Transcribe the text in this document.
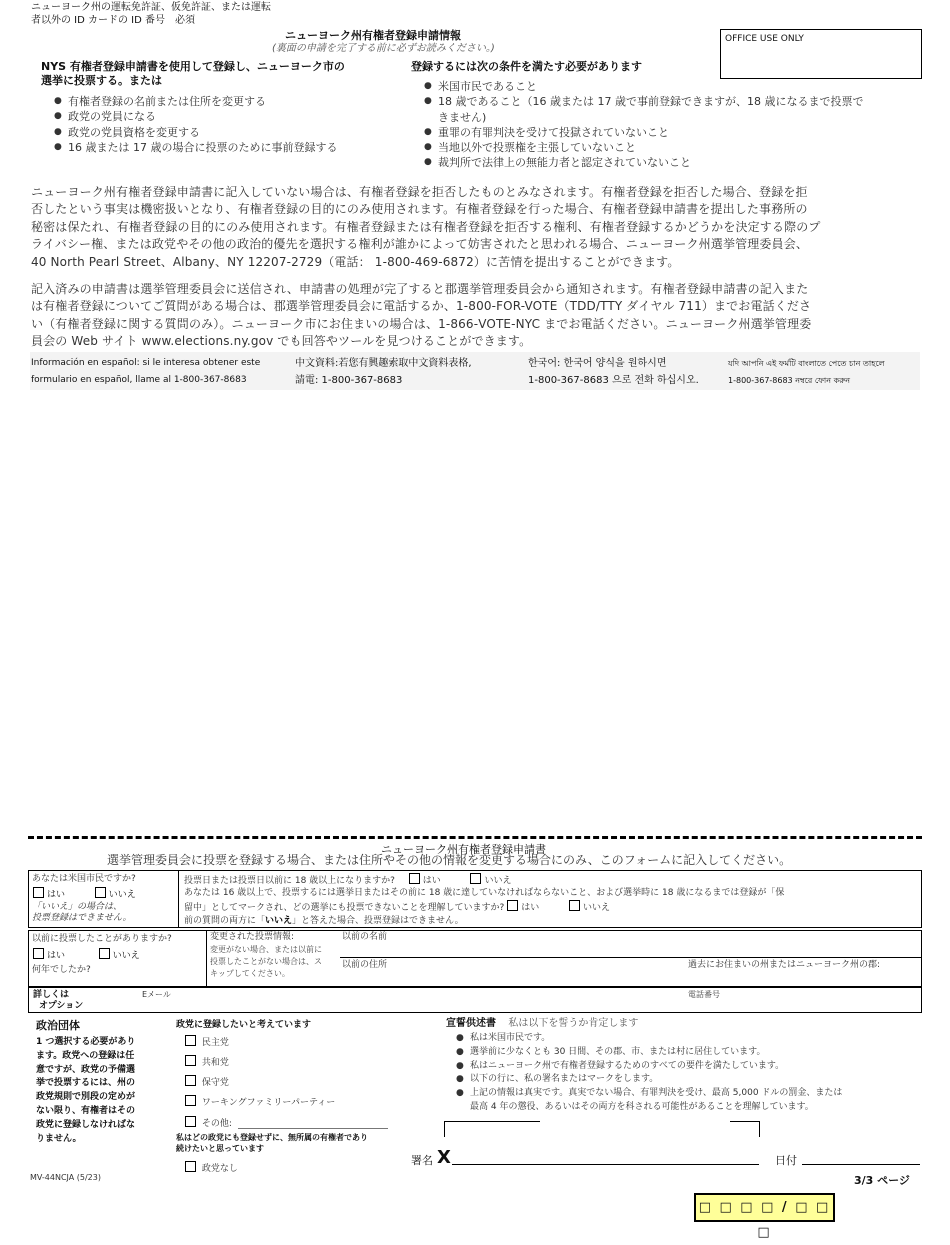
ニューヨーク州の運転免許証、仮免許証、または運転
者以外の ID カードの ID 番号　必須
OFFICE USE ONLY
ニューヨーク州有権者登録申請情報
(裏面の申請を完了する前に必ずお読みください。)
NYS 有権者登録申請書を使用して登録し、ニューヨーク市の
選挙に投票する。または
● 有権者登録の名前または住所を変更する
● 政党の党員になる
● 政党の党員資格を変更する
● 16 歳または 17 歳の場合に投票のために事前登録する
登録するには次の条件を満たす必要があります
● 米国市民であること
● 18 歳であること（16 歳または 17 歳で事前登録できますが、18 歳になるまで投票で
きません)
● 重罪の有罪判決を受けて投獄されていないこと
● 当地以外で投票権を主張していないこと
● 裁判所で法律上の無能力者と認定されていないこと
ニューヨーク州有権者登録申請書に記入していない場合は、有権者登録を拒否したものとみなされます。有権者登録を拒否した場合、登録を拒
否したという事実は機密扱いとなり、有権者登録の目的にのみ使用されます。有権者登録を行った場合、有権者登録申請書を提出した事務所の
秘密は保たれ、有権者登録の目的にのみ使用されます。有権者登録または有権者登録を拒否する権利、有権者登録するかどうかを決定する際のプ
ライバシー権、または政党やその他の政治的優先を選択する権利が誰かによって妨害されたと思われる場合、ニューヨーク州選挙管理委員会、
40 North Pearl Street、Albany、NY 12207-2729（電話： 1-800-469-6872）に苦情を提出することができます。
記入済みの申請書は選挙管理委員会に送信され、申請書の処理が完了すると郡選挙管理委員会から通知されます。有権者登録申請書の記入また
は有権者登録についてご質問がある場合は、郡選挙管理委員会に電話するか、1-800-FOR-VOTE（TDD/TTY ダイヤル 711）までお電話くださ
い（有権者登録に関する質問のみ）。ニューヨーク市にお住まいの場合は、1-866-VOTE-NYC までお電話ください。ニューヨーク州選挙管理委
員会の Web サイト www.elections.ny.gov でも回答やツールを見つけることができます。
Información en español: si le interesa obtener este
formulario en español, llame al 1-800-367-8683
中文資料:若您有興趣索取中文資料表格,
請電: 1-800-367-8683
한국어: 한국어 양식을 원하시면
1-800-367-8683 으로 전화 하십시오.
যদি আপনি এই ফর্মটি বাংলাতে পেতে চান তাহলে
1-800-367-8683 নম্বরে ফোন করুন
ニューヨーク州有権者登録申請書
選挙管理委員会に投票を登録する場合、または住所やその他の情報を変更する場合にのみ、このフォームに記入してください。
あなたは米国市民ですか?
はい	いいえ
「いいえ」の場合は、
投票登録はできません。
投票日または投票日以前に 18 歳以上になりますか?	はい	いいえ
あなたは 16 歳以上で、投票するには選挙日またはその前に 18 歳に達していなければならないこと、および選挙時に 18 歳になるまでは登録が「保
留中」としてマークされ、どの選挙にも投票できないことを理解していますか? はい	いいえ
前の質問の両方に「いいえ」と答えた場合、投票登録はできません。
以前に投票したことがありますか?
はい	いいえ
何年でしたか?
変更された投票情報:
変更がない場合、または以前に
投票したことがない場合は、ス
キップしてください。
以前の名前
以前の住所	過去にお住まいの州またはニューヨーク州の郡:
詳しくは
オプション
Eメール	電話番号
政治団体
1 つ選択する必要があり
ます。政党への登録は任
意ですが、政党の予備選
挙で投票するには、州の
政党規則で別段の定めが
ない限り、有権者はその
政党に登録しなければな
りません。
政党に登録したいと考えています
民主党
共和党
保守党
ワーキングファミリーパーティー
その他:
私はどの政党にも登録せずに、無所属の有権者であり
続けたいと思っています
政党なし
宣誓供述書 私は以下を誓うか肯定します
● 私は米国市民です。
● 選挙前に少なくとも 30 日間、その郡、市、または村に居住しています。
● 私はニューヨーク州で有権者登録するためのすべての要件を満たしています。
● 以下の行に、私の署名またはマークをします。
● 上記の情報は真実です。真実でない場合、有罪判決を受け、最高 5,000 ドルの罰金、または
最高 4 年の懲役、あるいはその両方を科される可能性があることを理解しています。
署名 X	日付
MV-44NCJA (5/23)	3/3 ページ
□ □ □ □ / □ □ □
